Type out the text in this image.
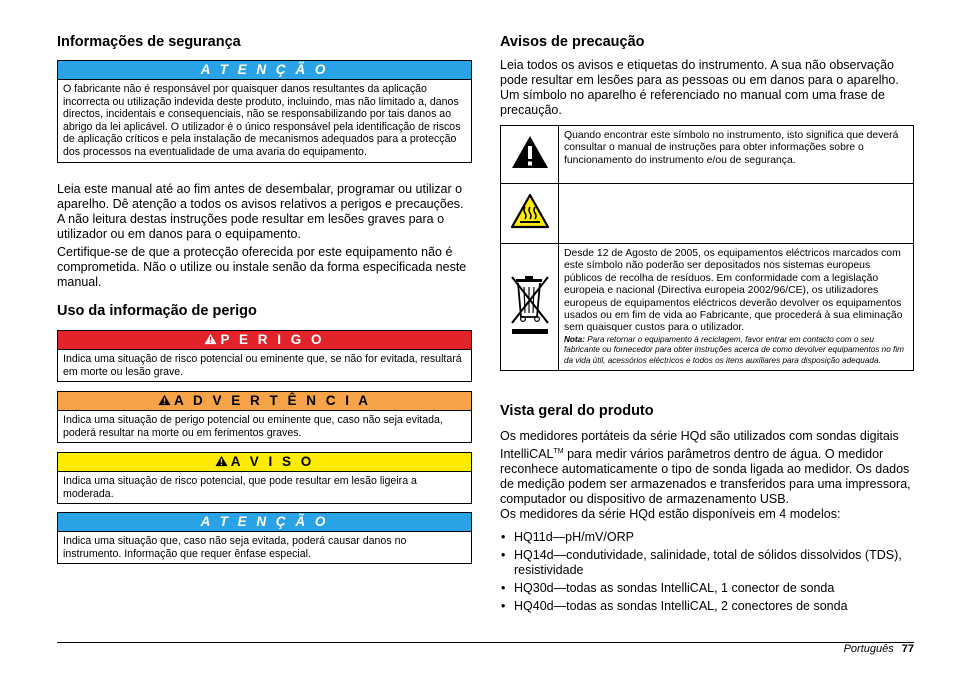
Informações de segurança
A T E N Ç Ã O
O fabricante não é responsável por quaisquer danos resultantes da aplicação incorrecta ou utilização indevida deste produto, incluindo, mas não limitado a, danos directos, incidentais e consequenciais, não se responsabilizando por tais danos ao abrigo da lei aplicável. O utilizador é o único responsável pela identificação de riscos de aplicação críticos e pela instalação de mecanismos adequados para a protecção dos processos na eventualidade de uma avaria do equipamento.

Leia este manual até ao fim antes de desembalar, programar ou utilizar o aparelho. Dê atenção a todos os avisos relativos a perigos e precauções. A não leitura destas instruções pode resultar em lesões graves para o utilizador ou em danos para o equipamento.

Certifique-se de que a protecção oferecida por este equipamento não é comprometida. Não o utilize ou instale senão da forma especificada neste manual.

Uso da informação de perigo
P E R I G O
Indica uma situação de risco potencial ou eminente que, se não for evitada, resultará em morte ou lesão grave.
A D V E R T Ê N C I A
Indica uma situação de perigo potencial ou eminente que, caso não seja evitada, poderá resultar na morte ou em ferimentos graves.
A V I S O
Indica uma situação de risco potencial, que pode resultar em lesão ligeira a moderada.
A T E N Ç Ã O
Indica uma situação que, caso não seja evitada, poderá causar danos no instrumento. Informação que requer ênfase especial.
Avisos de precaução

Leia todos os avisos e etiquetas do instrumento. A sua não observação pode resultar em lesões para as pessoas ou em danos para o aparelho. Um símbolo no aparelho é referenciado no manual com uma frase de precaução.

	Quando encontrar este símbolo no instrumento, isto significa que deverá consultar o manual de instruções para obter informações sobre o funcionamento do instrumento e/ou de segurança.

	Desde 12 de Agosto de 2005, os equipamentos eléctricos marcados com este símbolo não poderão ser depositados nos sistemas europeus públicos de recolha de resíduos. Em conformidade com a legislação europeia e nacional (Directiva europeia 2002/96/CE), os utilizadores europeus de equipamentos eléctricos deverão devolver os equipamentos usados ou em fim de vida ao Fabricante, que procederá à sua eliminação sem quaisquer custos para o utilizador.
Nota: Para retornar o equipamento à reciclagem, favor entrar em contacto com o seu fabricante ou fornecedor para obter instruções acerca de como devolver equipamentos no fim da vida útil, acessórios eléctricos e todos os itens auxiliares para disposição adequada.
Vista geral do produto

Os medidores portáteis da série HQd são utilizados com sondas digitais IntelliCAL™ para medir vários parâmetros dentro de água. O medidor reconhece automaticamente o tipo de sonda ligada ao medidor. Os dados de medição podem ser armazenados e transferidos para uma impressora, computador ou dispositivo de armazenamento USB.

Os medidores da série HQd estão disponíveis em 4 modelos:

• HQ11d—pH/mV/ORP
• HQ14d—condutividade, salinidade, total de sólidos dissolvidos (TDS), resistividade
• HQ30d—todas as sondas IntelliCAL, 1 conector de sonda
• HQ40d—todas as sondas IntelliCAL, 2 conectores de sonda
Português 77
